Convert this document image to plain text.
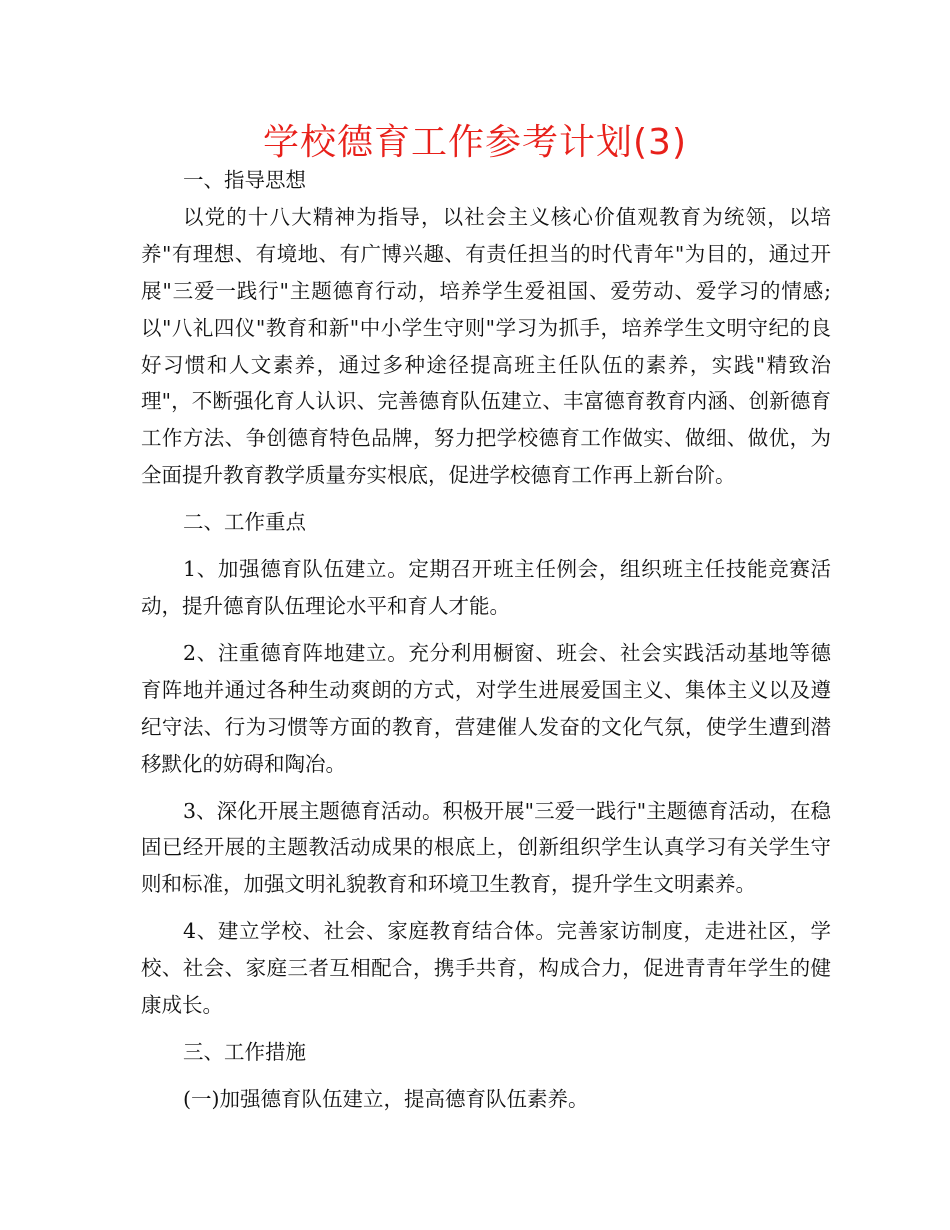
学校德育工作参考计划(3)
一、指导思想

以党的十八大精神为指导，以社会主义核心价值观教育为统领，以培养"有理想、有境地、有广博兴趣、有责任担当的时代青年"为目的，通过开展"三爱一践行"主题德育行动，培养学生爱祖国、爱劳动、爱学习的情感;以"八礼四仪"教育和新"中小学生守则"学习为抓手，培养学生文明守纪的良好习惯和人文素养，通过多种途径提高班主任队伍的素养，实践"精致治理"，不断强化育人认识、完善德育队伍建立、丰富德育教育内涵、创新德育工作方法、争创德育特色品牌，努力把学校德育工作做实、做细、做优，为全面提升教育教学质量夯实根底，促进学校德育工作再上新台阶。

二、工作重点

1、加强德育队伍建立。定期召开班主任例会，组织班主任技能竞赛活动，提升德育队伍理论水平和育人才能。

2、注重德育阵地建立。充分利用橱窗、班会、社会实践活动基地等德育阵地并通过各种生动爽朗的方式，对学生进展爱国主义、集体主义以及遵纪守法、行为习惯等方面的教育，营建催人发奋的文化气氛，使学生遭到潜移默化的妨碍和陶冶。

3、深化开展主题德育活动。积极开展"三爱一践行"主题德育活动，在稳固已经开展的主题教活动成果的根底上，创新组织学生认真学习有关学生守则和标准，加强文明礼貌教育和环境卫生教育，提升学生文明素养。

4、建立学校、社会、家庭教育结合体。完善家访制度，走进社区，学校、社会、家庭三者互相配合，携手共育，构成合力，促进青青年学生的健康成长。

三、工作措施
(一)加强德育队伍建立，提高德育队伍素养。
